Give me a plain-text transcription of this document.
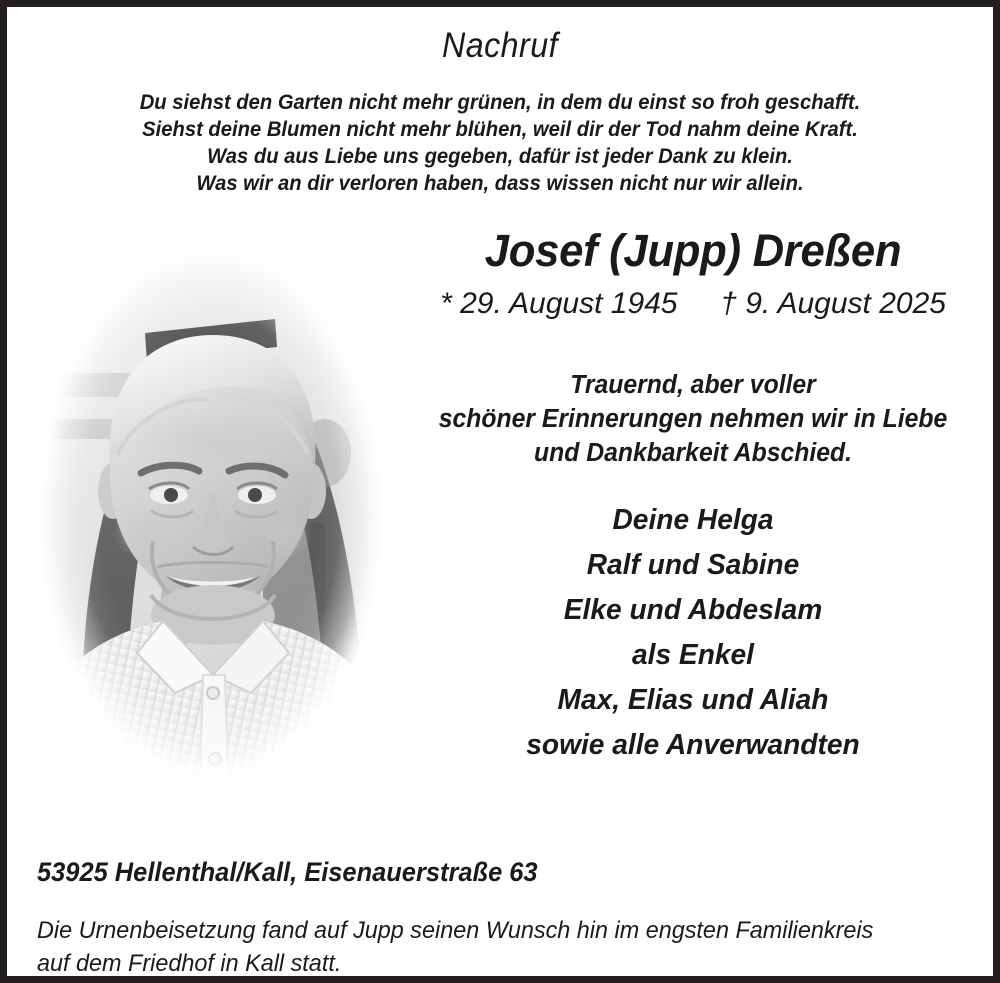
Nachruf
Du siehst den Garten nicht mehr grünen, in dem du einst so froh geschafft.
Siehst deine Blumen nicht mehr blühen, weil dir der Tod nahm deine Kraft.
Was du aus Liebe uns gegeben, dafür ist jeder Dank zu klein.
Was wir an dir verloren haben, dass wissen nicht nur wir allein.
Josef (Jupp) Dreßen
* 29. August 1945 † 9. August 2025
Trauernd, aber voller
schöner Erinnerungen nehmen wir in Liebe
und Dankbarkeit Abschied.
Deine Helga
Ralf und Sabine
Elke und Abdeslam
als Enkel
Max, Elias und Aliah
sowie alle Anverwandten
53925 Hellenthal/Kall, Eisenauerstraße 63
Die Urnenbeisetzung fand auf Jupp seinen Wunsch hin im engsten Familienkreis
auf dem Friedhof in Kall statt.
